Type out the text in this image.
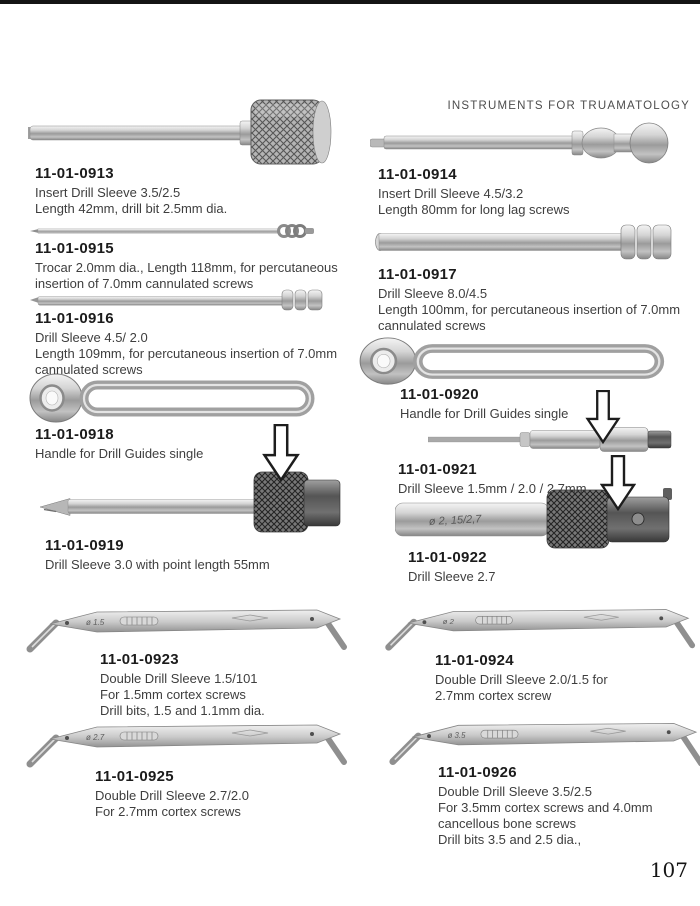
INSTRUMENTS FOR TRUAMATOLOGY
ø 2, 15/2,7
ø 1.5	ø 2
ø 2.7	ø 3.5
11-01-0913
Insert Drill Sleeve 3.5/2.5
Length 42mm, drill bit 2.5mm dia.
11-01-0914
Insert Drill Sleeve 4.5/3.2
Length 80mm for long lag screws
11-01-0915
Trocar 2.0mm dia., Length 118mm, for percutaneous insertion of 7.0mm cannulated screws
11-01-0917
Drill Sleeve 8.0/4.5
Length 100mm, for percutaneous insertion of 7.0mm cannulated screws
11-01-0916
Drill Sleeve 4.5/ 2.0
Length 109mm, for percutaneous insertion of 7.0mm cannulated screws
11-01-0920
Handle for Drill Guides single
11-01-0918
Handle for Drill Guides single
11-01-0921
Drill Sleeve 1.5mm / 2.0 / 2.7mm
11-01-0919
Drill Sleeve 3.0 with point length 55mm	11-01-0922
Drill Sleeve 2.7
11-01-0923
Double Drill Sleeve 1.5/101
For 1.5mm cortex screws
Drill bits, 1.5 and 1.1mm dia.
11-01-0924
Double Drill Sleeve 2.0/1.5 for
2.7mm cortex screw
11-01-0925
Double Drill Sleeve 2.7/2.0
For 2.7mm cortex screws
11-01-0926
Double Drill Sleeve 3.5/2.5
For 3.5mm cortex screws and 4.0mm
cancellous bone screws
Drill bits 3.5 and 2.5 dia.,
107
